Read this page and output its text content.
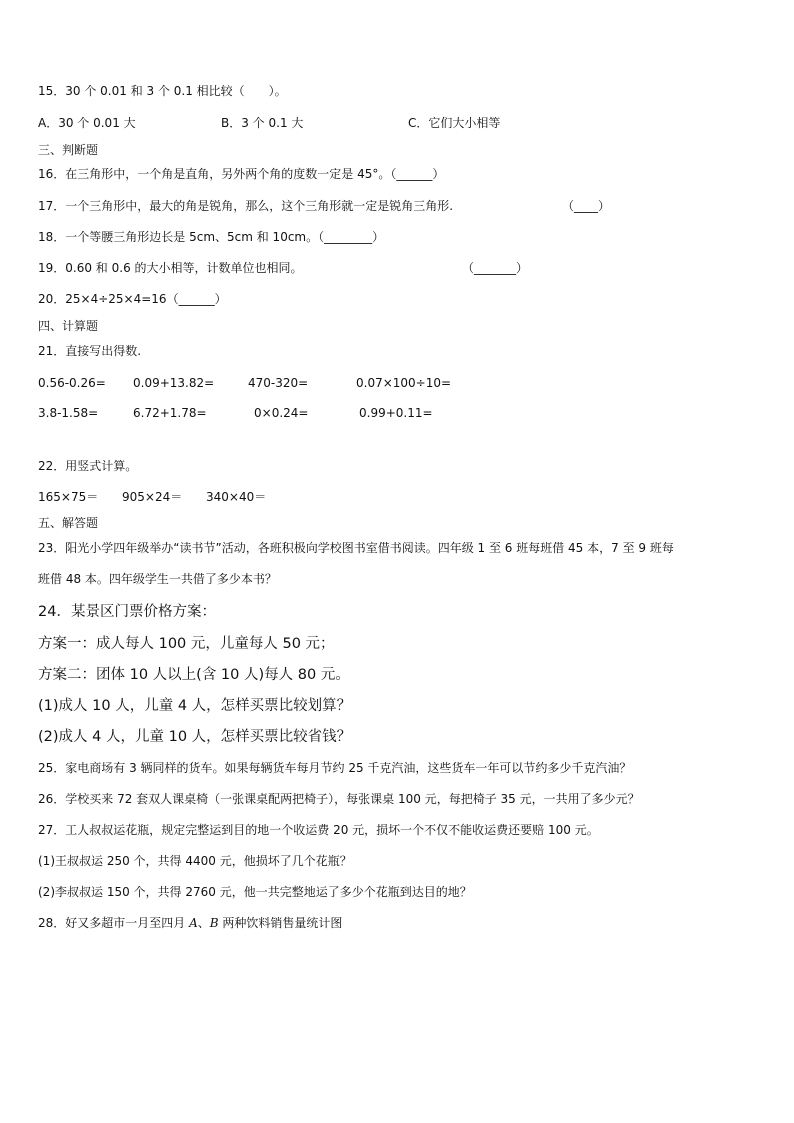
15．30 个 0.01 和 3 个 0.1 相比较（　　）。
A．30 个 0.01 大	B．3 个 0.1 大	C．它们大小相等
三、判断题
16．在三角形中，一个角是直角，另外两个角的度数一定是 45°。（______）
17．一个三角形中，最大的角是锐角，那么，这个三角形就一定是锐角三角形.	（____）
18．一个等腰三角形边长是 5cm、5cm 和 10cm。（________）
19．0.60 和 0.6 的大小相等，计数单位也相同。	（_______）
20．25×4÷25×4=16（______）
四、计算题
21．直接写出得数.
0.56-0.26= 0.09+13.82=	470-320=	0.07×100÷10=
3.8-1.58=	6.72+1.78=	0×0.24=	0.99+0.11=
22．用竖式计算。
165×75＝ 905×24＝ 340×40＝
五、解答题
23．阳光小学四年级举办“读书节”活动，各班积极向学校图书室借书阅读。四年级 1 至 6 班每班借 45 本，7 至 9 班每
班借 48 本。四年级学生一共借了多少本书？
24．某景区门票价格方案：
方案一：成人每人 100 元，儿童每人 50 元；
方案二：团体 10 人以上(含 10 人)每人 80 元。
(1)成人 10 人，儿童 4 人，怎样买票比较划算？
(2)成人 4 人，儿童 10 人，怎样买票比较省钱？
25．家电商场有 3 辆同样的货车。如果每辆货车每月节约 25 千克汽油，这些货车一年可以节约多少千克汽油？
26．学校买来 72 套双人课桌椅（一张课桌配两把椅子），每张课桌 100 元，每把椅子 35 元，一共用了多少元？
27．工人叔叔运花瓶，规定完整运到目的地一个收运费 20 元，损坏一个不仅不能收运费还要赔 100 元。
(1)王叔叔运 250 个，共得 4400 元，他损坏了几个花瓶？
(2)李叔叔运 150 个，共得 2760 元，他一共完整地运了多少个花瓶到达目的地？
28．好又多超市一月至四月 A、B 两种饮料销售量统计图
